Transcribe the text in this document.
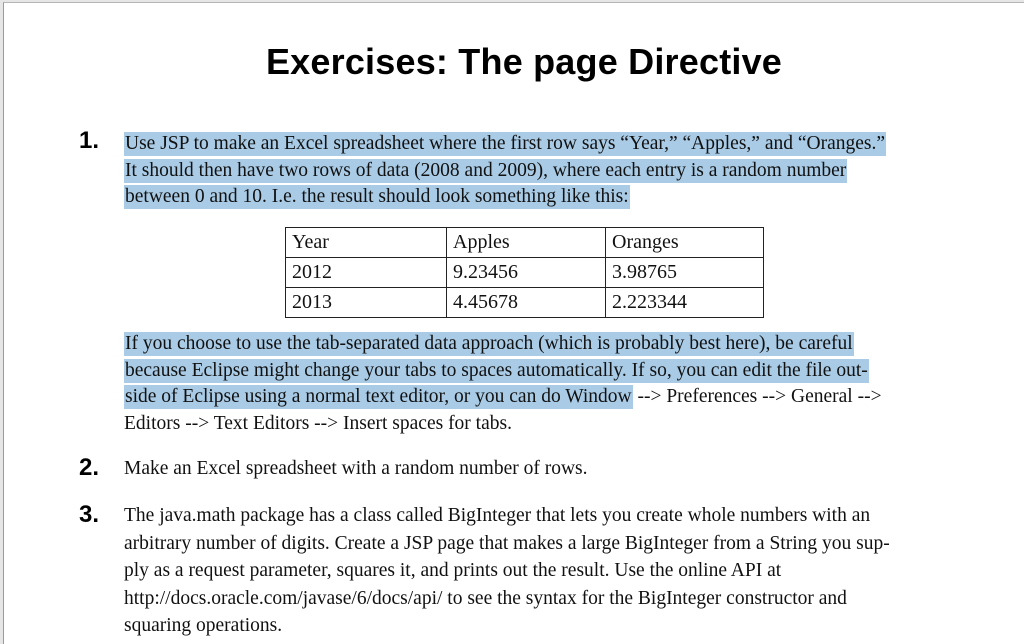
Exercises: The page Directive
1. Use JSP to make an Excel spreadsheet where the first row says “Year,” “Apples,” and “Oranges.”
It should then have two rows of data (2008 and 2009), where each entry is a random number
between 0 and 10. I.e. the result should look something like this:
Year	Apples	Oranges
2012	9.23456	3.98765
2013	4.45678	2.223344
If you choose to use the tab-separated data approach (which is probably best here), be careful
because Eclipse might change your tabs to spaces automatically. If so, you can edit the file out-
side of Eclipse using a normal text editor, or you can do Window --> Preferences --> General -->
Editors --> Text Editors --> Insert spaces for tabs.
2. Make an Excel spreadsheet with a random number of rows.
3. The java.math package has a class called BigInteger that lets you create whole numbers with an
arbitrary number of digits. Create a JSP page that makes a large BigInteger from a String you sup-
ply as a request parameter, squares it, and prints out the result. Use the online API at
http://docs.oracle.com/javase/6/docs/api/ to see the syntax for the BigInteger constructor and
squaring operations.
